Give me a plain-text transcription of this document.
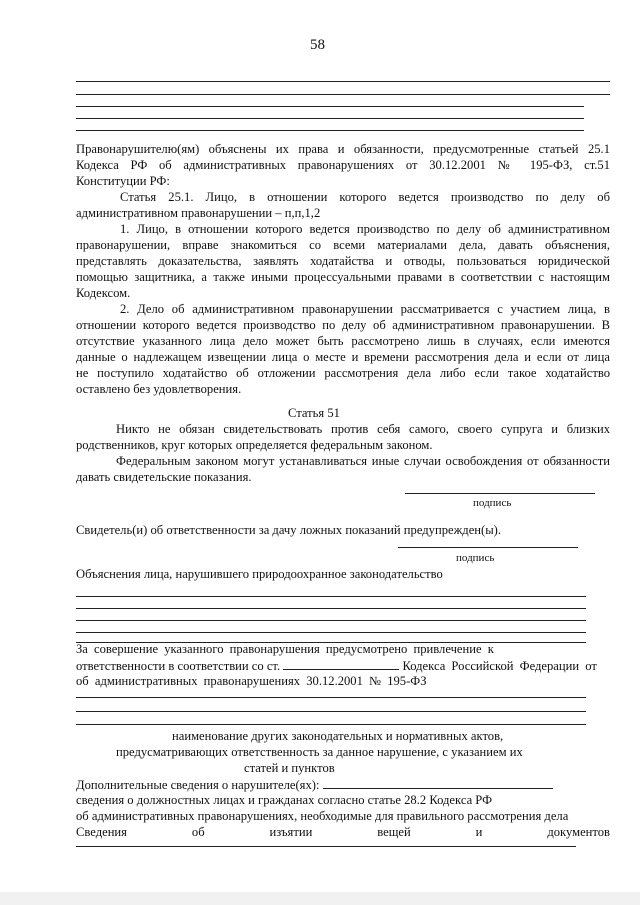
58

Правонарушителю(ям) объяснены их права и обязанности, предусмотренные статьей 25.1

Кодекса РФ об административных правонарушениях от 30.12.2001 № 195-ФЗ, ст.51

Конституции РФ:

Статья 25.1. Лицо, в отношении которого ведется производство по делу об

административном правонарушении – п,п,1,2

1. Лицо, в отношении которого ведется производство по делу об административном

правонарушении, вправе знакомиться со всеми материалами дела, давать объяснения,

представлять доказательства, заявлять ходатайства и отводы, пользоваться юридической

помощью защитника, а также иными процессуальными правами в соответствии с настоящим

Кодексом.

2. Дело об административном правонарушении рассматривается с участием лица, в

отношении которого ведется производство по делу об административном правонарушении. В

отсутствие указанного лица дело может быть рассмотрено лишь в случаях, если имеются

данные о надлежащем извещении лица о месте и времени рассмотрения дела и если от лица

не поступило ходатайство об отложении рассмотрения дела либо если такое ходатайство

оставлено без удовлетворения.

Статья 51

Никто не обязан свидетельствовать против себя самого, своего супруга и близких

родственников, круг которых определяется федеральным законом.

Федеральным законом могут устанавливаться иные случаи освобождения от обязанности

давать свидетельские показания.

подпись

Свидетель(и) об ответственности за дачу ложных показаний предупрежден(ы).

подпись

Объяснения лица, нарушившего природоохранное законодательство

За совершение указанного правонарушения предусмотрено привлечение к

ответственности в соответствии со ст.	Кодекса Российской Федерации от

об административных правонарушениях 30.12.2001 № 195-ФЗ

наименование других законодательных и нормативных актов,

предусматривающих ответственность за данное нарушение, с указанием их

статей и пунктов

Дополнительные сведения о нарушителе(ях):

сведения о должностных лицах и гражданах согласно статье 28.2 Кодекса РФ

об административных правонарушениях, необходимые для правильного рассмотрения дела

Сведения	об	изъятии	вещей	и	документов
